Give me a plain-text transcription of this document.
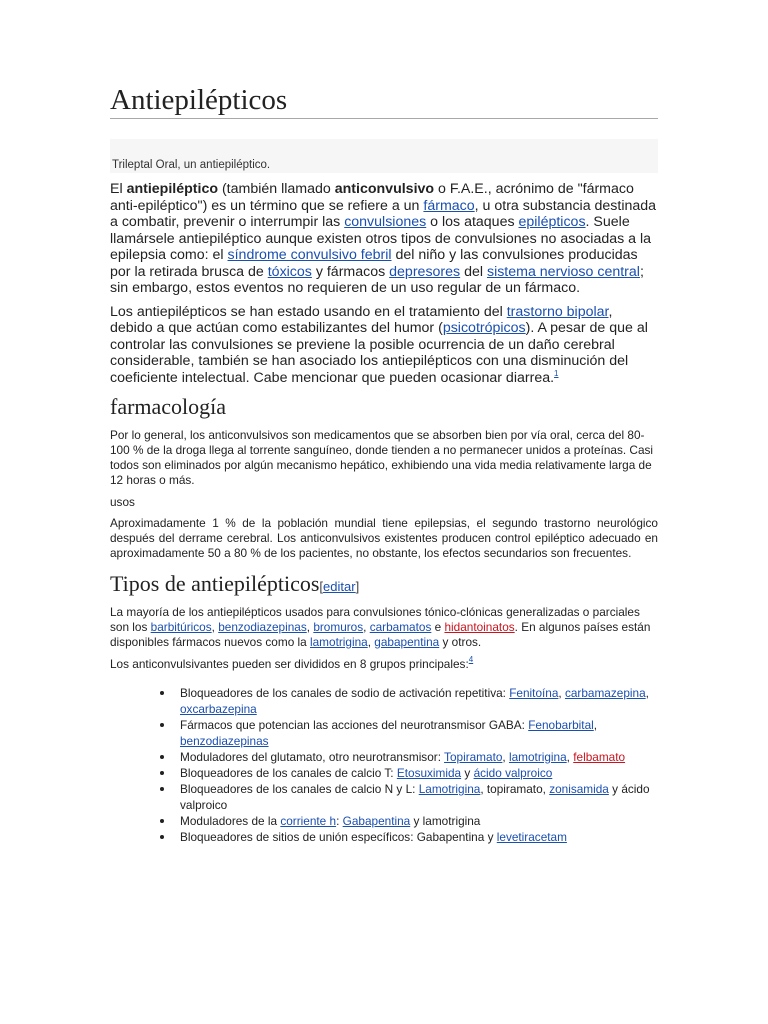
Antiepilépticos
Trileptal Oral, un antiepiléptico.

El antiepiléptico (también llamado anticonvulsivo o F.A.E., acrónimo de "fármaco anti-epiléptico") es un término que se refiere a un fármaco, u otra substancia destinada a combatir, prevenir o interrumpir las convulsiones o los ataques epilépticos. Suele llamársele antiepiléptico aunque existen otros tipos de convulsiones no asociadas a la epilepsia como: el síndrome convulsivo febril del niño y las convulsiones producidas por la retirada brusca de tóxicos y fármacos depresores del sistema nervioso central; sin embargo, estos eventos no requieren de un uso regular de un fármaco.

Los antiepilépticos se han estado usando en el tratamiento del trastorno bipolar, debido a que actúan como estabilizantes del humor (psicotrópicos). A pesar de que al controlar las convulsiones se previene la posible ocurrencia de un daño cerebral considerable, también se han asociado los antiepilépticos con una disminución del coeficiente intelectual. Cabe mencionar que pueden ocasionar diarrea.$^1$

farmacología

Por lo general, los anticonvulsivos son medicamentos que se absorben bien por vía oral, cerca del 80-100 % de la droga llega al torrente sanguíneo, donde tienden a no permanecer unidos a proteínas. Casi todos son eliminados por algún mecanismo hepático, exhibiendo una vida media relativamente larga de 12 horas o más.

usos

Aproximadamente 1 % de la población mundial tiene epilepsias, el segundo trastorno neurológico después del derrame cerebral. Los anticonvulsivos existentes producen control epiléptico adecuado en aproximadamente 50 a 80 % de los pacientes, no obstante, los efectos secundarios son frecuentes.

Tipos de antiepilépticos[editar]

La mayoría de los antiepilépticos usados para convulsiones tónico-clónicas generalizadas o parciales son los barbitúricos, benzodiazepinas, bromuros, carbamatos e hidantoinatos. En algunos países están disponibles fármacos nuevos como la lamotrigina, gabapentina y otros.

Los anticonvulsivantes pueden ser divididos en 8 grupos principales:$^4$

Bloqueadores de los canales de sodio de activación repetitiva: Fenitoína, carbamazepina, oxcarbazepina
Fármacos que potencian las acciones del neurotransmisor GABA: Fenobarbital, benzodiazepinas
Moduladores del glutamato, otro neurotransmisor: Topiramato, lamotrigina, felbamato
Bloqueadores de los canales de calcio T: Etosuximida y ácido valproico
Bloqueadores de los canales de calcio N y L: Lamotrigina, topiramato, zonisamida y ácido valproico
Moduladores de la corriente h: Gabapentina y lamotrigina
Bloqueadores de sitios de unión específicos: Gabapentina y levetiracetam
